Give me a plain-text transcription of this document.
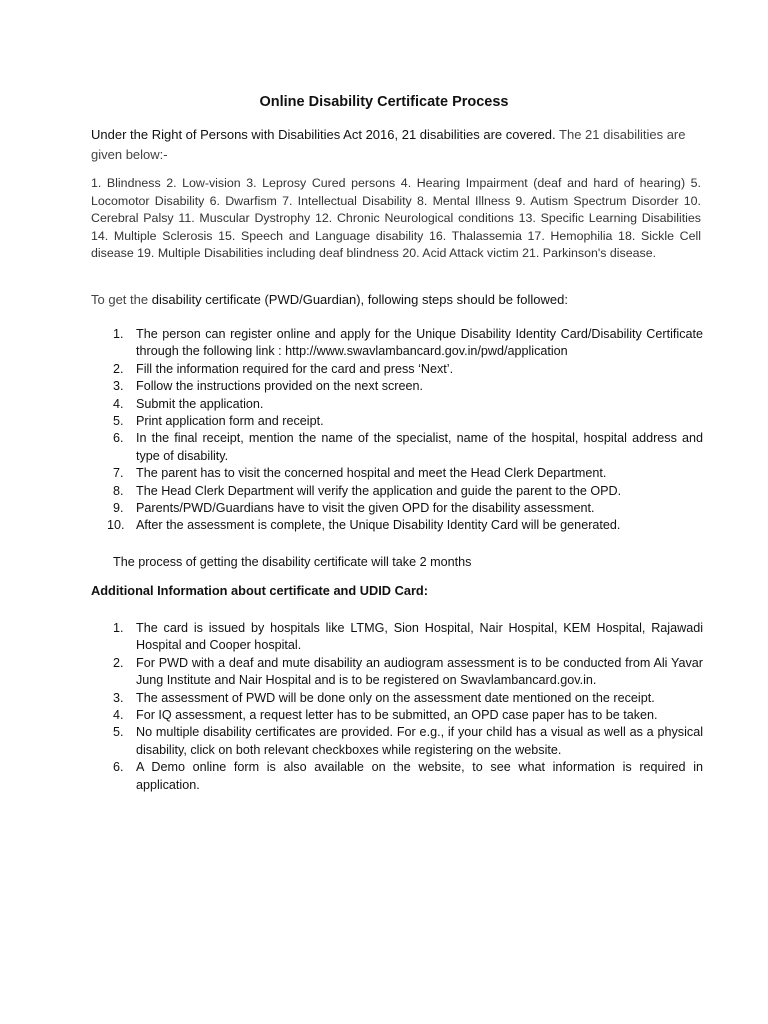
Online Disability Certificate Process
Under the Right of Persons with Disabilities Act 2016, 21 disabilities are covered. The 21 disabilities are given below:-
1. Blindness 2. Low-vision 3. Leprosy Cured persons 4. Hearing Impairment (deaf and hard of hearing) 5. Locomotor Disability 6. Dwarfism 7. Intellectual Disability 8. Mental Illness 9. Autism Spectrum Disorder 10. Cerebral Palsy 11. Muscular Dystrophy 12. Chronic Neurological conditions 13. Specific Learning Disabilities 14. Multiple Sclerosis 15. Speech and Language disability 16. Thalassemia 17. Hemophilia 18. Sickle Cell disease 19. Multiple Disabilities including deaf blindness 20. Acid Attack victim 21. Parkinson's disease.
To get the disability certificate (PWD/Guardian), following steps should be followed:
1. The person can register online and apply for the Unique Disability Identity Card/Disability Certificate through the following link : http://www.swavlambancard.gov.in/pwd/application
2. Fill the information required for the card and press ‘Next’.
3. Follow the instructions provided on the next screen.
4. Submit the application.
5. Print application form and receipt.
6. In the final receipt, mention the name of the specialist, name of the hospital, hospital address and type of disability.
7. The parent has to visit the concerned hospital and meet the Head Clerk Department.
8. The Head Clerk Department will verify the application and guide the parent to the OPD.
9. Parents/PWD/Guardians have to visit the given OPD for the disability assessment.
10. After the assessment is complete, the Unique Disability Identity Card will be generated.
The process of getting the disability certificate will take 2 months
Additional Information about certificate and UDID Card:
1. The card is issued by hospitals like LTMG, Sion Hospital, Nair Hospital, KEM Hospital, Rajawadi Hospital and Cooper hospital.
2. For PWD with a deaf and mute disability an audiogram assessment is to be conducted from Ali Yavar Jung Institute and Nair Hospital and is to be registered on Swavlambancard.gov.in.
3. The assessment of PWD will be done only on the assessment date mentioned on the receipt.
4. For IQ assessment, a request letter has to be submitted, an OPD case paper has to be taken.
5. No multiple disability certificates are provided. For e.g., if your child has a visual as well as a physical disability, click on both relevant checkboxes while registering on the website.
6. A Demo online form is also available on the website, to see what information is required in application.
